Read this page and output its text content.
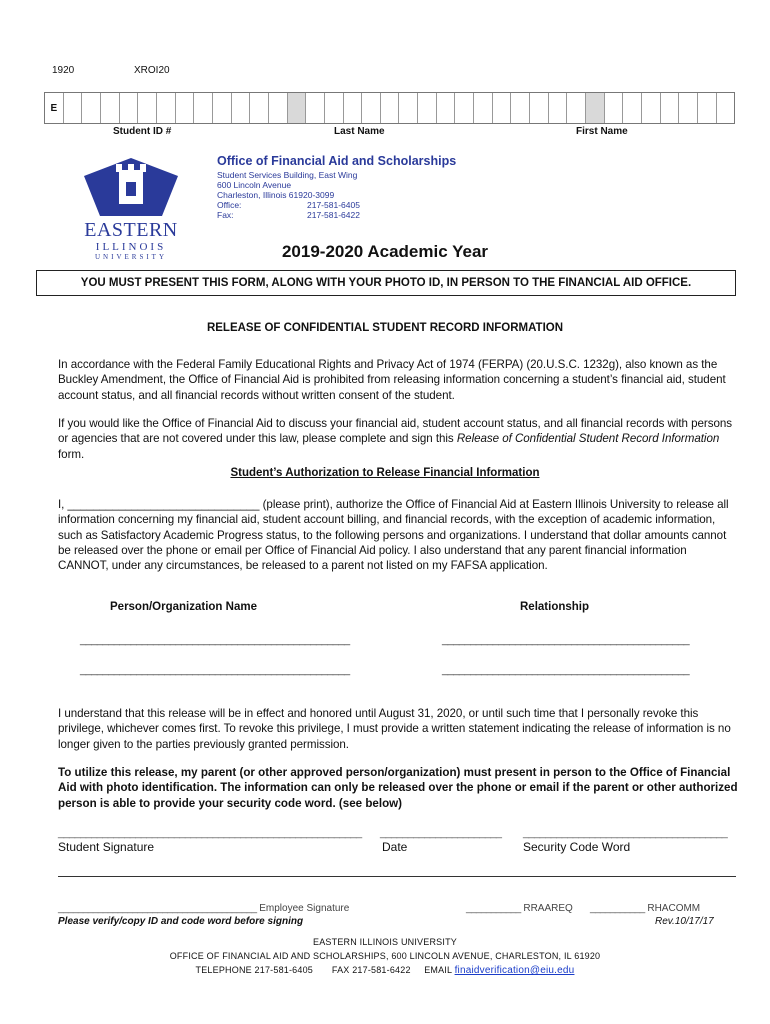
1920	XROI20
E
Student ID #	Last Name	First Name
EASTERN
ILLINOIS
UNIVERSITY
Office of Financial Aid and Scholarships
Student Services Building, East Wing
600 Lincoln Avenue
Charleston, Illinois 61920-3099
Office:	217-581-6405
Fax:	217-581-6422
2019-2020 Academic Year
YOU MUST PRESENT THIS FORM, ALONG WITH YOUR PHOTO ID, IN PERSON TO THE FINANCIAL AID OFFICE.
RELEASE OF CONFIDENTIAL STUDENT RECORD INFORMATION
In accordance with the Federal Family Educational Rights and Privacy Act of 1974 (FERPA) (20.U.S.C. 1232g), also known as the Buckley Amendment, the Office of Financial Aid is prohibited from releasing information concerning a student’s financial aid, student account status, and all financial records without written consent of the student.
If you would like the Office of Financial Aid to discuss your financial aid, student account status, and all financial records with persons or agencies that are not covered under this law, please complete and sign this Release of Confidential Student Record Information form.
Student’s Authorization to Release Financial Information
I, ______________________________ (please print), authorize the Office of Financial Aid at Eastern Illinois University to release all information concerning my financial aid, student account billing, and financial records, with the exception of academic information, such as Satisfactory Academic Progress status, to the following persons and organizations. I understand that dollar amounts cannot be released over the phone or email per Office of Financial Aid policy. I also understand that any parent financial information CANNOT, under any circumstances, be released to a parent not listed on my FAFSA application.
Person/Organization Name	Relationship
________________________________________________	____________________________________________
________________________________________________	____________________________________________
I understand that this release will be in effect and honored until August 31, 2020, or until such time that I personally revoke this privilege, whichever comes first. To revoke this privilege, I must provide a written statement indicating the release of information is no longer given to the parties previously granted permission.
To utilize this release, my parent (or other approved person/organization) must present in person to the Office of Financial Aid with photo identification. The information can only be released over the phone or email if the parent or other authorized person is able to provide your security code word. (see below)
_______________________________________________________ ______________________ _____________________________________
Student Signature	Date	Security Code Word
________________________________________ Employee Signature	___________ RRAAREQ ___________ RHACOMM
Please verify/copy ID and code word before signing	Rev.10/17/17
EASTERN ILLINOIS UNIVERSITY
OFFICE OF FINANCIAL AID AND SCHOLARSHIPS, 600 LINCOLN AVENUE, CHARLESTON, IL 61920
TELEPHONE 217-581-6405 FAX 217-581-6422 EMAIL finaidverification@eiu.edu
